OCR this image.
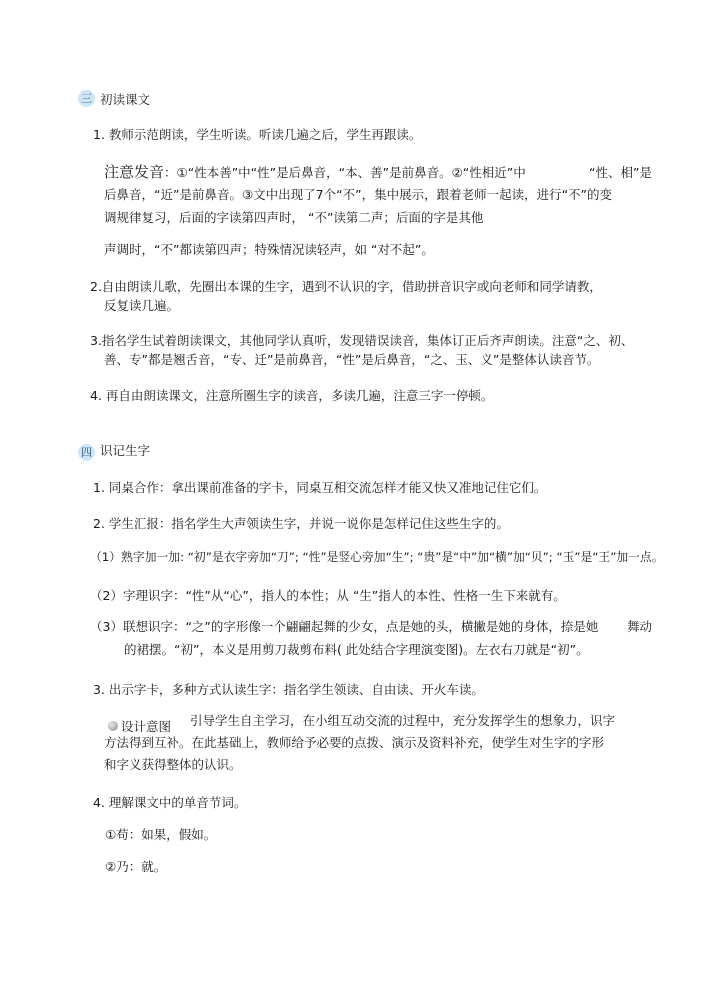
三 初读课文
1. 教师示范朗读，学生听读。听读几遍之后，学生再跟读。
注意发音：①“性本善”中“性”是后鼻音，“本、善”是前鼻音。②“性相近”中	“性、相”是
后鼻音，“近”是前鼻音。③文中出现了7个“不”，集中展示，跟着老师一起读，进行“不”的变
调规律复习，后面的字读第四声时， “不”读第二声；后面的字是其他
声调时，“不”都读第四声；特殊情况读轻声，如 “对不起”。
2.自由朗读儿歌，先圈出本课的生字，遇到不认识的字，借助拼音识字或向老师和同学请教，
反复读几遍。
3.指名学生试着朗读课文，其他同学认真听，发现错误读音，集体订正后齐声朗读。注意“之、初、
善、专”都是翘舌音，“专、迁”是前鼻音，“性”是后鼻音，“之、玉、义”是整体认读音节。
4. 再自由朗读课文，注意所圈生字的读音，多读几遍，注意三字一停顿。
四 识记生字
1. 同桌合作：拿出课前准备的字卡，同桌互相交流怎样才能又快又准地记住它们。
2. 学生汇报：指名学生大声领读生字，并说一说你是怎样记住这些生字的。
（1）熟字加一加: “初”是衣字旁加“刀”; “性”是竖心旁加“生”; “贵”是“中”加“横”加“贝”; “玉”是“王”加一点。
（2）字理识字：“性”从“心”，指人的本性；从 “生”指人的本性、性格一生下来就有。
（3）联想识字：“之”的字形像一个翩翩起舞的少女，点是她的头，横撇是她的身体，捺是她 舞动
的裙摆。“初”，本义是用剪刀裁剪布料( 此处结合字理演变图)。左衣右刀就是“初”。
3. 出示字卡，多种方式认读生字：指名学生领读、自由读、开火车读。
设计意图 引导学生自主学习，在小组互动交流的过程中，充分发挥学生的想象力，识字
方法得到互补。在此基础上，教师给予必要的点拨、演示及资料补充，使学生对生字的字形
和字义获得整体的认识。
4. 理解课文中的单音节词。
①苟：如果，假如。
②乃：就。
